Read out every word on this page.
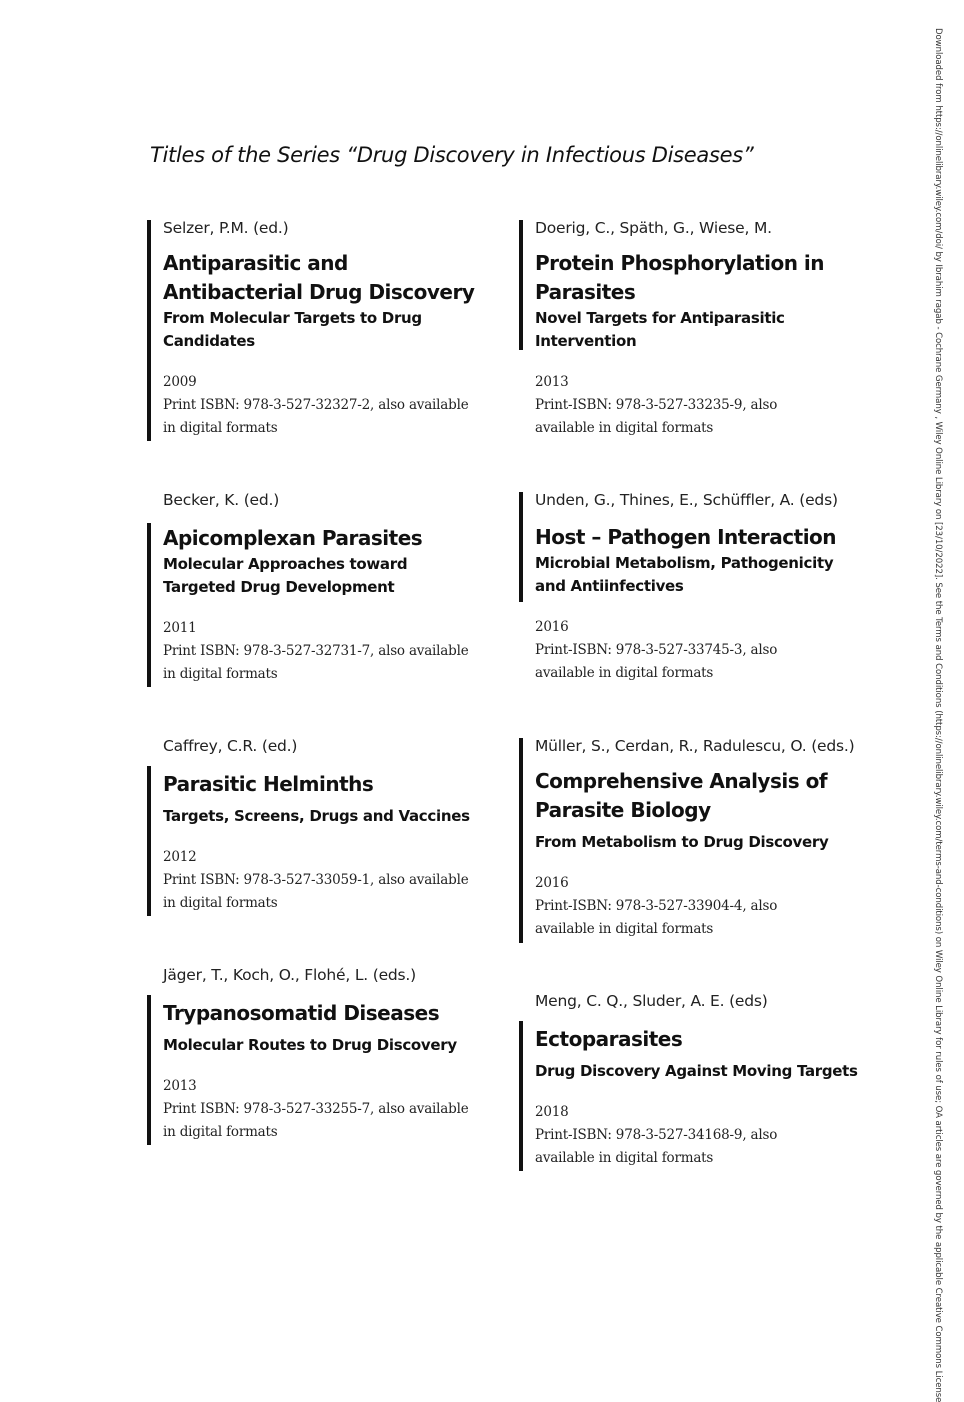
Titles of the Series “Drug Discovery in Infectious Diseases”
Selzer, P.M. (ed.)
Antiparasitic and Antibacterial Drug Discovery
From Molecular Targets to Drug Candidates
2009
Print ISBN: 978-3-527-32327-2, also available in digital formats
Becker, K. (ed.)
Apicomplexan Parasites
Molecular Approaches toward Targeted Drug Development
2011
Print ISBN: 978-3-527-32731-7, also available in digital formats
Caffrey, C.R. (ed.)
Parasitic Helminths
Targets, Screens, Drugs and Vaccines
2012
Print ISBN: 978-3-527-33059-1, also available in digital formats
Jäger, T., Koch, O., Flohé, L. (eds.)
Trypanosomatid Diseases
Molecular Routes to Drug Discovery
2013
Print ISBN: 978-3-527-33255-7, also available in digital formats
Doerig, C., Späth, G., Wiese, M.
Protein Phosphorylation in Parasites
Novel Targets for Antiparasitic Intervention
2013
Print-ISBN: 978-3-527-33235-9, also available in digital formats
Unden, G., Thines, E., Schüffler, A. (eds)
Host – Pathogen Interaction
Microbial Metabolism, Pathogenicity and Antiinfectives
2016
Print-ISBN: 978-3-527-33745-3, also available in digital formats
Müller, S., Cerdan, R., Radulescu, O. (eds.)
Comprehensive Analysis of Parasite Biology
From Metabolism to Drug Discovery
2016
Print-ISBN: 978-3-527-33904-4, also available in digital formats
Meng, C. Q., Sluder, A. E. (eds)
Ectoparasites
Drug Discovery Against Moving Targets
2018
Print-ISBN: 978-3-527-34168-9, also available in digital formats	Downloaded from https://onlinelibrary.wiley.com/doi/ by Ibrahim ragab - Cochrane Germany , Wiley Online Library on [23/10/2022]. See the Terms and Conditions (https://onlinelibrary.wiley.com/terms-and-conditions) on Wiley Online Library for rules of use; OA articles are governed by the applicable Creative Commons License
